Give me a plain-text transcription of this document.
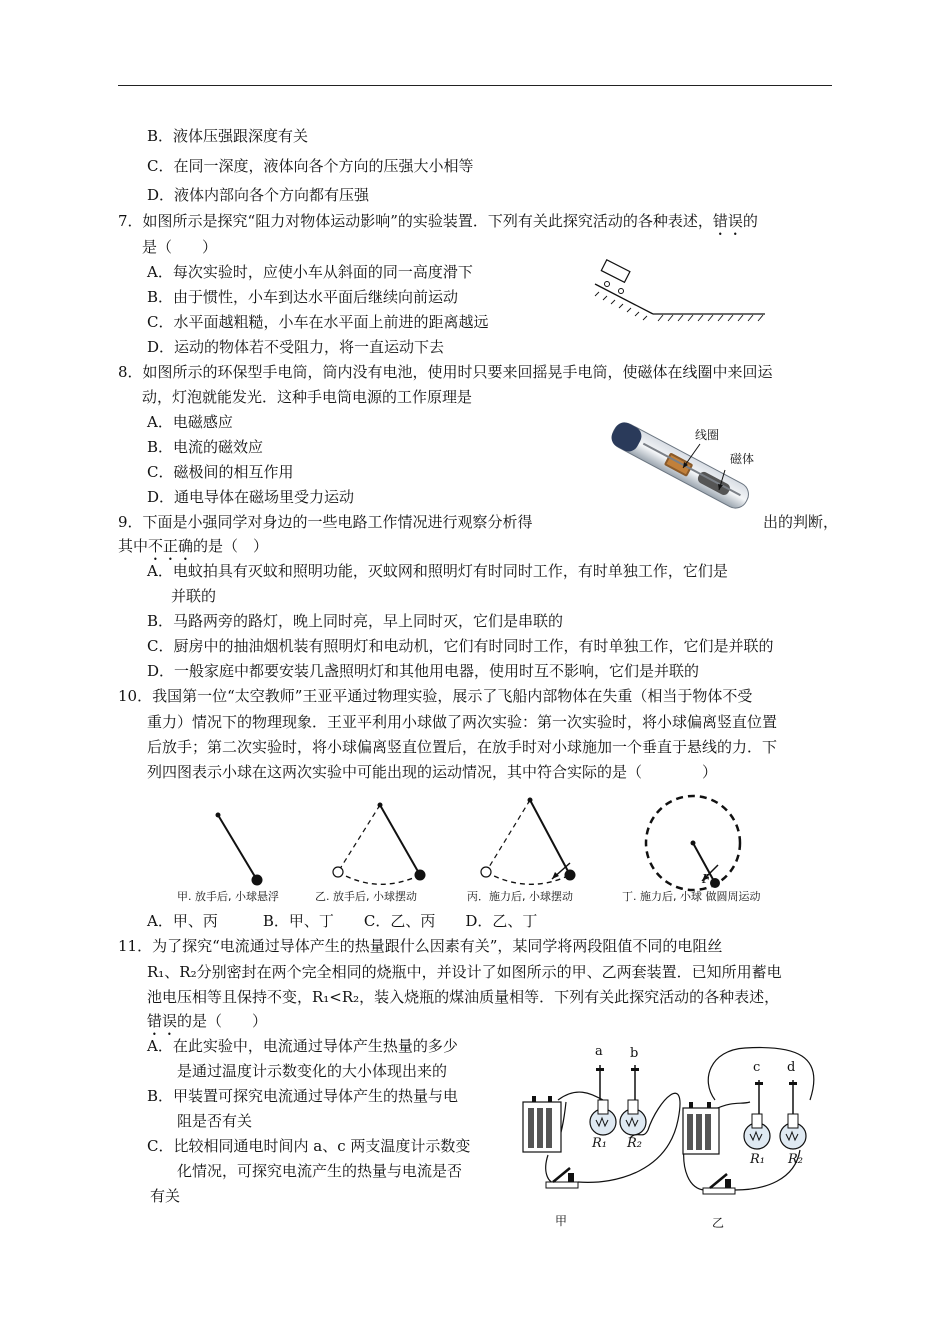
B．液体压强跟深度有关
C．在同一深度，液体向各个方向的压强大小相等
D．液体内部向各个方向都有压强
7．如图所示是探究“阻力对物体运动影响”的实验装置．下列有关此探究活动的各种表述，错误的
是（　　）
A．每次实验时，应使小车从斜面的同一高度滑下
B．由于惯性，小车到达水平面后继续向前运动
C．水平面越粗糙，小车在水平面上前进的距离越远
D．运动的物体若不受阻力，将一直运动下去
8．如图所示的环保型手电筒，筒内没有电池，使用时只要来回摇晃手电筒，使磁体在线圈中来回运
动，灯泡就能发光．这种手电筒电源的工作原理是
A．电磁感应
B．电流的磁效应
C．磁极间的相互作用
D．通电导体在磁场里受力运动
线圈
磁体
9．下面是小强同学对身边的一些电路工作情况进行观察分析得	出的判断，
其中不正确的是（　）
A．电蚊拍具有灭蚊和照明功能，灭蚊网和照明灯有时同时工作，有时单独工作，它们是
并联的
B．马路两旁的路灯，晚上同时亮，早上同时灭，它们是串联的
C．厨房中的抽油烟机装有照明灯和电动机，它们有时同时工作，有时单独工作，它们是并联的
D．一般家庭中都要安装几盏照明灯和其他用电器，使用时互不影响，它们是并联的
10．我国第一位“太空教师”王亚平通过物理实验，展示了飞船内部物体在失重（相当于物体不受
重力）情况下的物理现象．王亚平利用小球做了两次实验：第一次实验时，将小球偏离竖直位置
后放手；第二次实验时，将小球偏离竖直位置后，在放手时对小球施加一个垂直于悬线的力．下
列四图表示小球在这两次实验中可能出现的运动情况，其中符合实际的是（　　　　）
F
甲. 放手后, 小球悬浮	乙. 放手后, 小球摆动	丙．施力后, 小球摆动	丁. 施力后, 小球 做圆周运动
A．甲、丙　　　B．甲、丁　　C．乙、丙　　D．乙、丁
11．为了探究“电流通过导体产生的热量跟什么因素有关”，某同学将两段阻值不同的电阻丝
R₁、R₂分别密封在两个完全相同的烧瓶中，并设计了如图所示的甲、乙两套装置．已知所用蓄电
池电压相等且保持不变，R₁<R₂，装入烧瓶的煤油质量相等．下列有关此探究活动的各种表述，
错误的是（　　）
A．在此实验中，电流通过导体产生热量的多少
是通过温度计示数变化的大小体现出来的
B．甲装置可探究电流通过导体产生的热量与电
阻是否有关
C．比较相同通电时间内 a、c 两支温度计示数变
化情况，可探究电流产生的热量与电流是否
有关
a b
R₁ R₂
甲
c d
R₁ R₂
乙
